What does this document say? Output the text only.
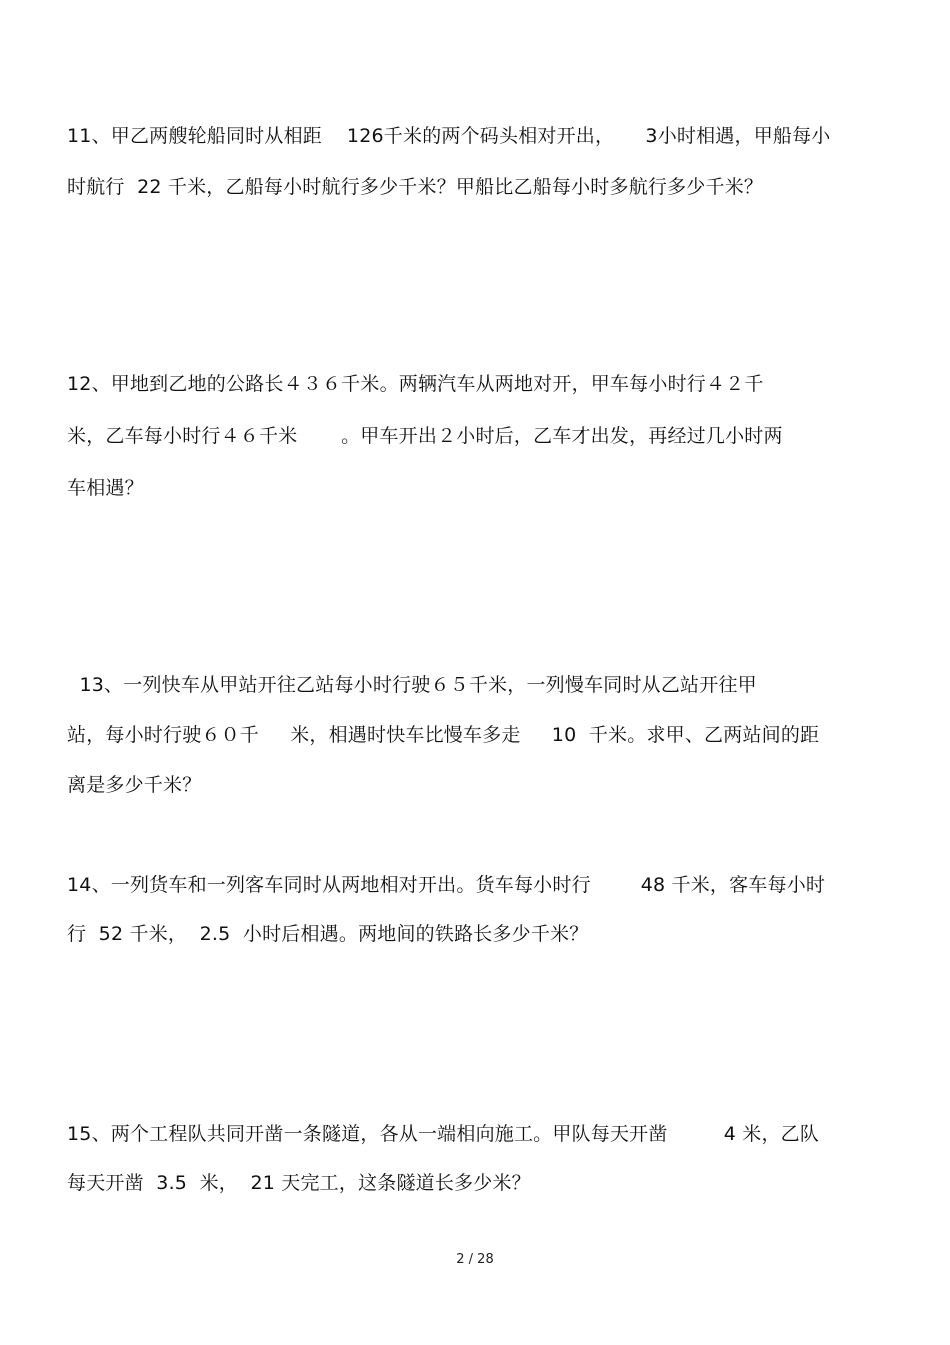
11、甲乙两艘轮船同时从相距    126千米的两个码头相对开出，     3小时相遇，甲船每小
时航行  22 千米，乙船每小时航行多少千米？甲船比乙船每小时多航行多少千米？
12、甲地到乙地的公路长４３６千米。两辆汽车从两地对开，甲车每小时行４２千
米，乙车每小时行４６千米       。甲车开出２小时后，乙车才出发，再经过几小时两
车相遇？
13、一列快车从甲站开往乙站每小时行驶６５千米，一列慢车同时从乙站开往甲
站，每小时行驶６０千     米，相遇时快车比慢车多走     10  千米。求甲、乙两站间的距
离是多少千米？
14、一列货车和一列客车同时从两地相对开出。货车每小时行        48 千米，客车每小时
行  52 千米，  2.5  小时后相遇。两地间的铁路长多少千米？
15、两个工程队共同开凿一条隧道，各从一端相向施工。甲队每天开凿         4 米，乙队
每天开凿  3.5  米，  21 天完工，这条隧道长多少米？
2 / 28
